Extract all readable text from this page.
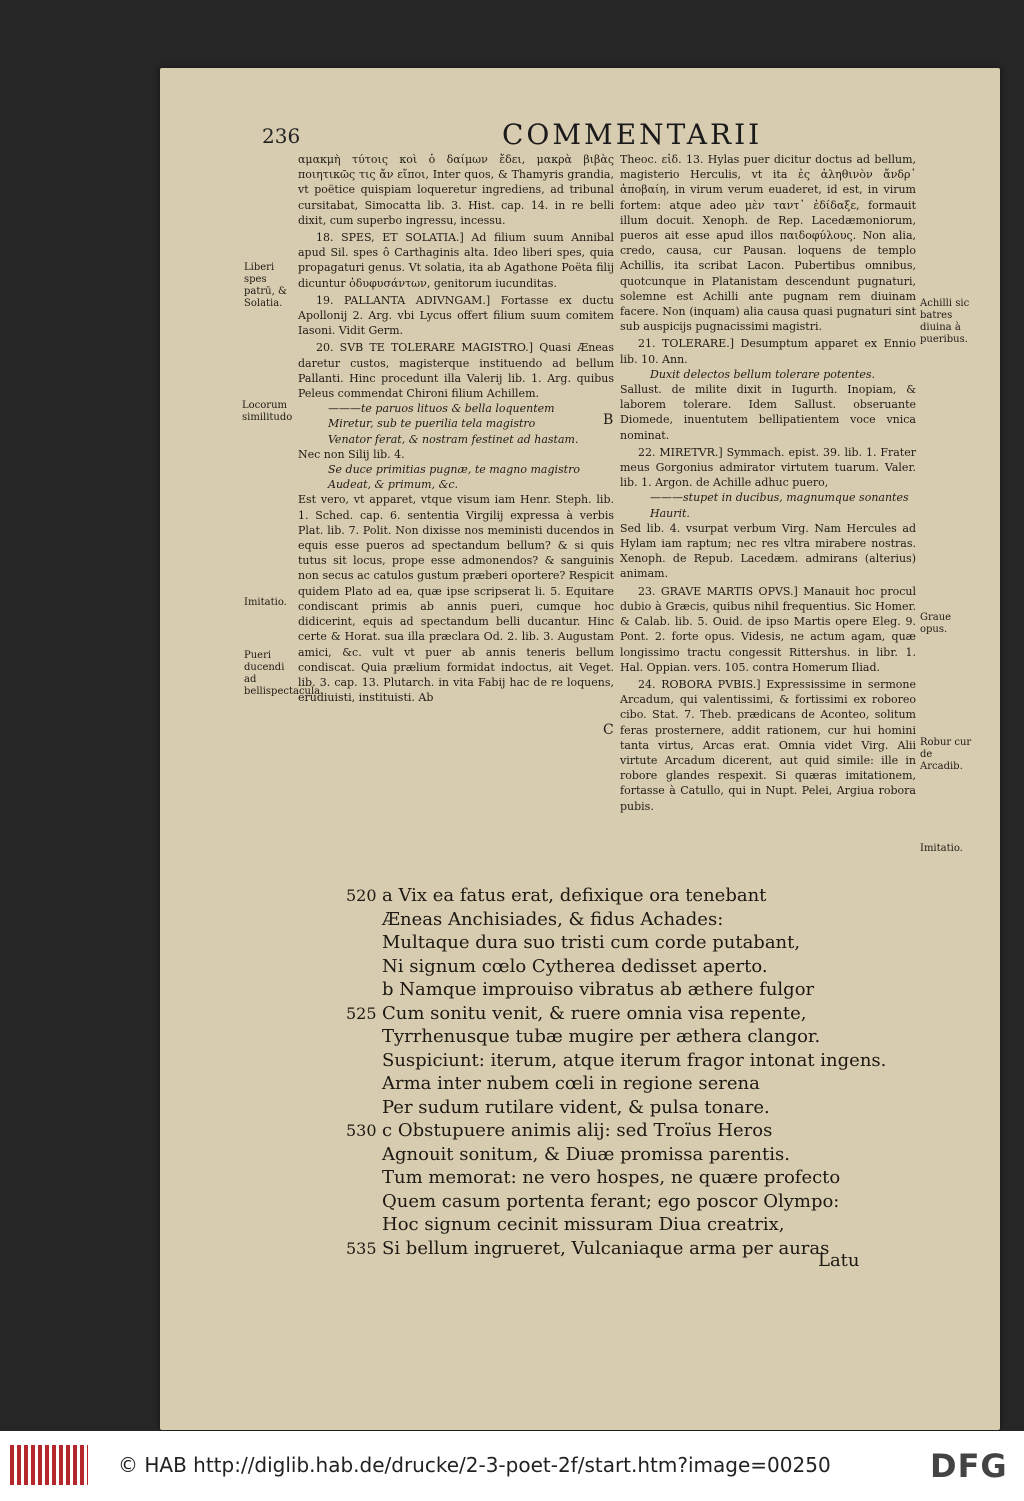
236	COMMENTARII

αμακμὴ τύτοις κοὶ ὁ δαίμων ἔδει, μακρὰ βιβὰς ποιητικῶς τις ἄν εἴποι, Inter quos, & Thamyris grandia, vt poëtice quispiam loqueretur ingrediens, ad tribunal cursitabat, Simocatta lib. 3. Hist. cap. 14. in re belli dixit, cum superbo ingressu, incessu.

18. SPES, ET SOLATIA.] Ad filium suum Annibal apud Sil. spes ô Carthaginis alta. Ideo liberi spes, quia propagaturi genus. Vt solatia, ita ab Agathone Poëta filij dicuntur ὀδυφυσάντων, genitorum iucunditas.

19. PALLANTA ADIVNGAM.] Fortasse ex ductu Apollonij 2. Arg. vbi Lycus offert filium suum comitem Iasoni. Vidit Germ.

20. SVB TE TOLERARE MAGISTRO.] Quasi Æneas daretur custos, magisterque instituendo ad bellum Pallanti. Hinc procedunt illa Valerij lib. 1. Arg. quibus Peleus commendat Chironi filium Achillem.

———te paruos lituos & bella loquentem

Miretur, sub te puerilia tela magistro

Venator ferat, & nostram festinet ad hastam.

Nec non Silij lib. 4.

Se duce primitias pugnæ, te magno magistro

Audeat, & primum, &c.

Est vero, vt apparet, vtque visum iam Henr. Steph. lib. 1. Sched. cap. 6. sententia Virgilij expressa à verbis Plat. lib. 7. Polit. Non dixisse nos meministi ducendos in equis esse pueros ad spectandum bellum? & si quis tutus sit locus, prope esse admonendos? & sanguinis non secus ac catulos gustum præberi oportere? Respicit quidem Plato ad ea, quæ ipse scripserat li. 5. Equitare condiscant primis ab annis pueri, cumque hoc didicerint, equis ad spectandum belli ducantur. Hinc certe & Horat. sua illa præclara Od. 2. lib. 3. Augustam amici, &c. vult vt puer ab annis teneris bellum condiscat. Quia prælium formidat indoctus, ait Veget. lib. 3. cap. 13. Plutarch. in vita Fabij hac de re loquens, erudiuisti, instituisti. Ab

Theoc. εἰδ. 13. Hylas puer dicitur doctus ad bellum, magisterio Herculis, vt ita ἐς ἀληθινὸν ἄνδρ᾽ ἀποβαίη, in virum verum euaderet, id est, in virum fortem: atque adeo μὲν ταντ᾽ ἐδίδαξε, formauit illum docuit. Xenoph. de Rep. Lacedæmoniorum, pueros ait esse apud illos παιδοφύλους. Non alia, credo, causa, cur Pausan. loquens de templo Achillis, ita scribat Lacon. Pubertibus omnibus, quotcunque in Platanistam descendunt pugnaturi, solemne est Achilli ante pugnam rem diuinam facere. Non (inquam) alia causa quasi pugnaturi sint sub auspicijs pugnacissimi magistri.

21. TOLERARE.] Desumptum apparet ex Ennio lib. 10. Ann.

Duxit delectos bellum tolerare potentes.

Sallust. de milite dixit in Iugurth. Inopiam, & laborem tolerare. Idem Sallust. obseruante Diomede, inuentutem bellipatientem voce vnica nominat.

22. MIRETVR.] Symmach. epist. 39. lib. 1. Frater meus Gorgonius admirator virtutem tuarum. Valer. lib. 1. Argon. de Achille adhuc puero,

———stupet in ducibus, magnumque sonantes

Haurit.

Sed lib. 4. vsurpat verbum Virg. Nam Hercules ad Hylam iam raptum; nec res vltra mirabere nostras. Xenoph. de Repub. Lacedæm. admirans (alterius) animam.

23. GRAVE MARTIS OPVS.] Manauit hoc procul dubio à Græcis, quibus nihil frequentius. Sic Homer. & Calab. lib. 5. Ouid. de ipso Martis opere Eleg. 9. Pont. 2. forte opus. Videsis, ne actum agam, quæ longissimo tractu congessit Rittershus. in libr. 1. Hal. Oppian. vers. 105. contra Homerum Iliad.

24. ROBORA PVBIS.] Expressissime in sermone Arcadum, qui valentissimi, & fortissimi ex roboreo cibo. Stat. 7. Theb. prædicans de Aconteo, solitum feras prosternere, addit rationem, cur hui homini tanta virtus, Arcas erat. Omnia videt Virg. Alii virtute Arcadum dicerent, aut quid simile: ille in robore glandes respexit. Si quæras imitationem, fortasse à Catullo, qui in Nupt. Pelei, Argiua robora pubis.

Liberi spes patrū, & Solatia.
Locorum similitudo
Imitatio.
Pueri ducendi ad bellispectacula.
Achilli sic batres diuina à pueribus.
Graue opus.
Robur cur de Arcadib.
Imitatio.
B
C
520 a Vix ea fatus erat, defixique ora tenebant
Æneas Anchisiades, & fidus Achades:
Multaque dura suo tristi cum corde putabant,
Ni signum cœlo Cytherea dedisset aperto.
b Namque improuiso vibratus ab æthere fulgor
525 Cum sonitu venit, & ruere omnia visa repente,
Tyrrhenusque tubæ mugire per æthera clangor.
Suspiciunt: iterum, atque iterum fragor intonat ingens.
Arma inter nubem cœli in regione serena
Per sudum rutilare vident, & pulsa tonare.
530 c Obstupuere animis alij: sed Troïus Heros
Agnouit sonitum, & Diuæ promissa parentis.
Tum memorat: ne vero hospes, ne quære profecto
Quem casum portenta ferant; ego poscor Olympo:
Hoc signum cecinit missuram Diua creatrix,
535 Si bellum ingrueret, Vulcaniaque arma per auras
Latu
© HAB http://diglib.hab.de/drucke/2-3-poet-2f/start.htm?image=00250	DFG
